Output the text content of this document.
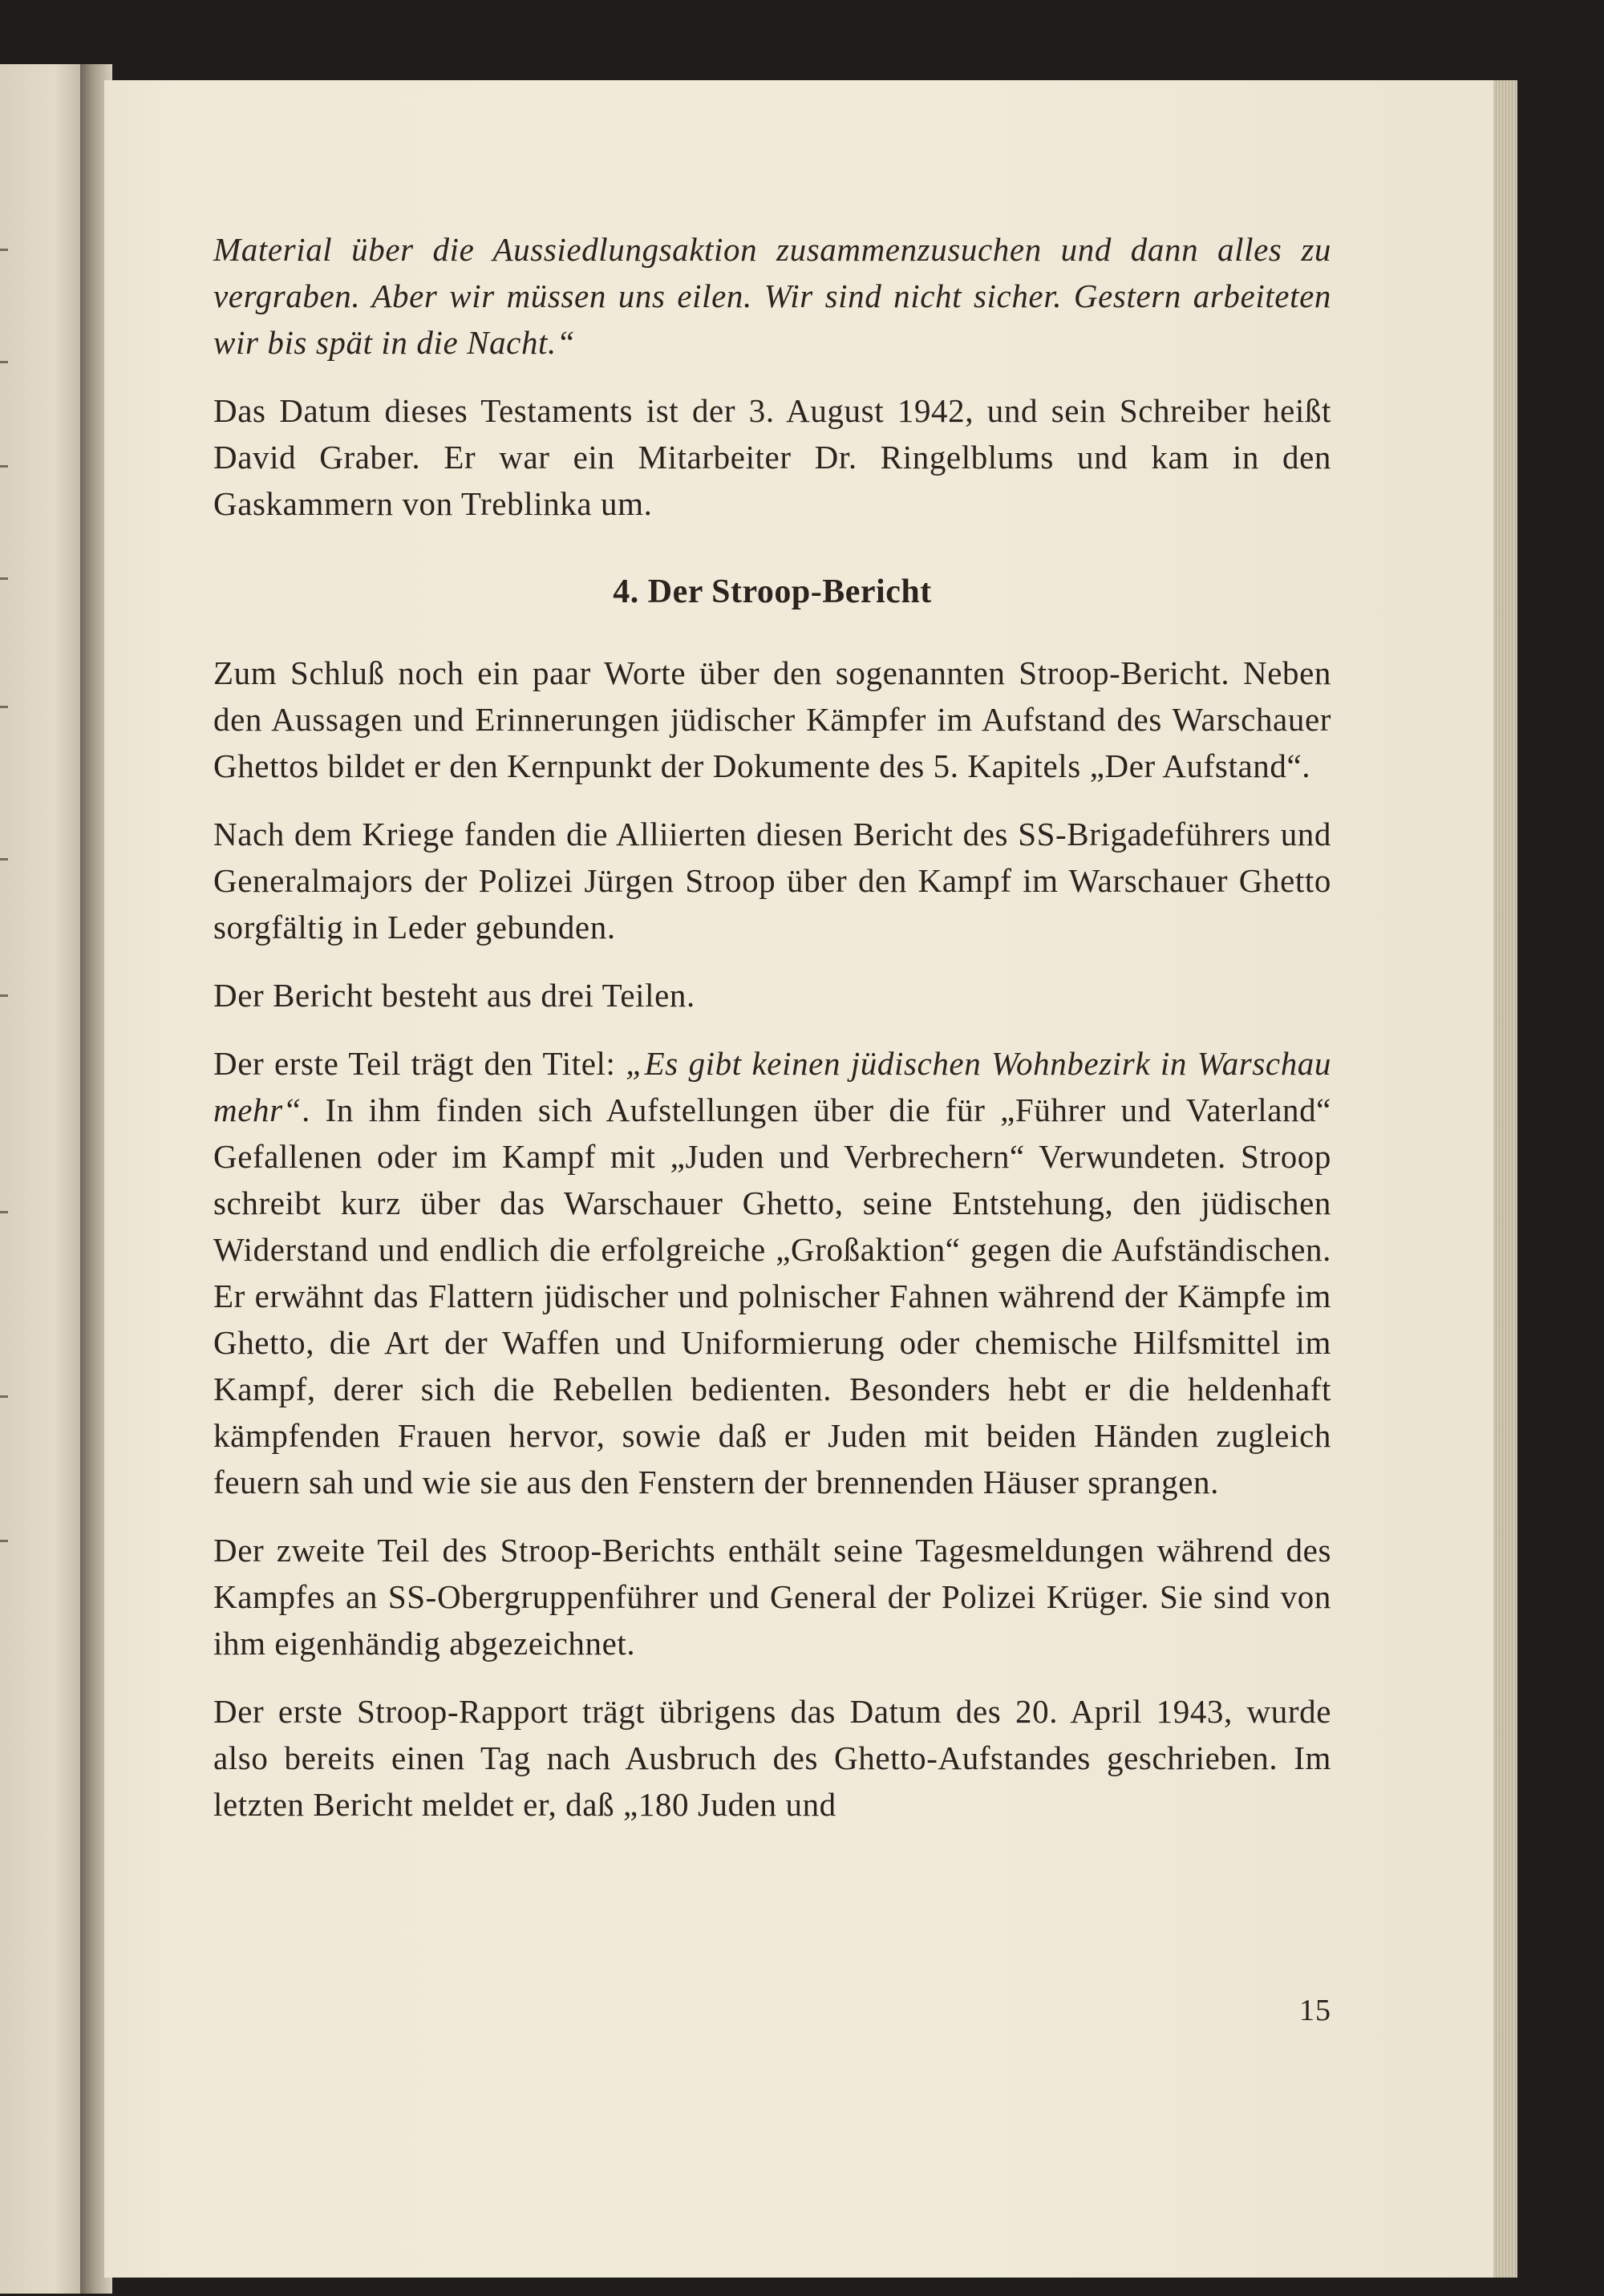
Material über die Aussiedlungsaktion zusammenzusuchen und dann alles zu vergraben. Aber wir müssen uns eilen. Wir sind nicht sicher. Gestern arbeiteten wir bis spät in die Nacht.“

Das Datum dieses Testaments ist der 3. August 1942, und sein Schreiber heißt David Graber. Er war ein Mitarbeiter Dr. Ringelblums und kam in den Gaskammern von Treblinka um.

4. Der Stroop-Bericht

Zum Schluß noch ein paar Worte über den sogenannten Stroop-Bericht. Neben den Aussagen und Erinnerungen jüdischer Kämpfer im Aufstand des Warschauer Ghettos bildet er den Kernpunkt der Dokumente des 5. Kapitels „Der Aufstand“.

Nach dem Kriege fanden die Alliierten diesen Bericht des SS-Brigadeführers und Generalmajors der Polizei Jürgen Stroop über den Kampf im Warschauer Ghetto sorgfältig in Leder gebunden.

Der Bericht besteht aus drei Teilen.

Der erste Teil trägt den Titel: „Es gibt keinen jüdischen Wohnbezirk in Warschau mehr“. In ihm finden sich Aufstellungen über die für „Führer und Vaterland“ Gefallenen oder im Kampf mit „Juden und Verbrechern“ Verwundeten. Stroop schreibt kurz über das Warschauer Ghetto, seine Entstehung, den jüdischen Widerstand und endlich die erfolgreiche „Großaktion“ gegen die Aufständischen. Er erwähnt das Flattern jüdischer und polnischer Fahnen während der Kämpfe im Ghetto, die Art der Waffen und Uniformierung oder chemische Hilfsmittel im Kampf, derer sich die Rebellen bedienten. Besonders hebt er die heldenhaft kämpfenden Frauen hervor, sowie daß er Juden mit beiden Händen zugleich feuern sah und wie sie aus den Fenstern der brennenden Häuser sprangen.

Der zweite Teil des Stroop-Berichts enthält seine Tagesmeldungen während des Kampfes an SS-Obergruppenführer und General der Polizei Krüger. Sie sind von ihm eigenhändig abgezeichnet.

Der erste Stroop-Rapport trägt übrigens das Datum des 20. April 1943, wurde also bereits einen Tag nach Ausbruch des Ghetto-Aufstandes geschrieben. Im letzten Bericht meldet er, daß „180 Juden und

15
